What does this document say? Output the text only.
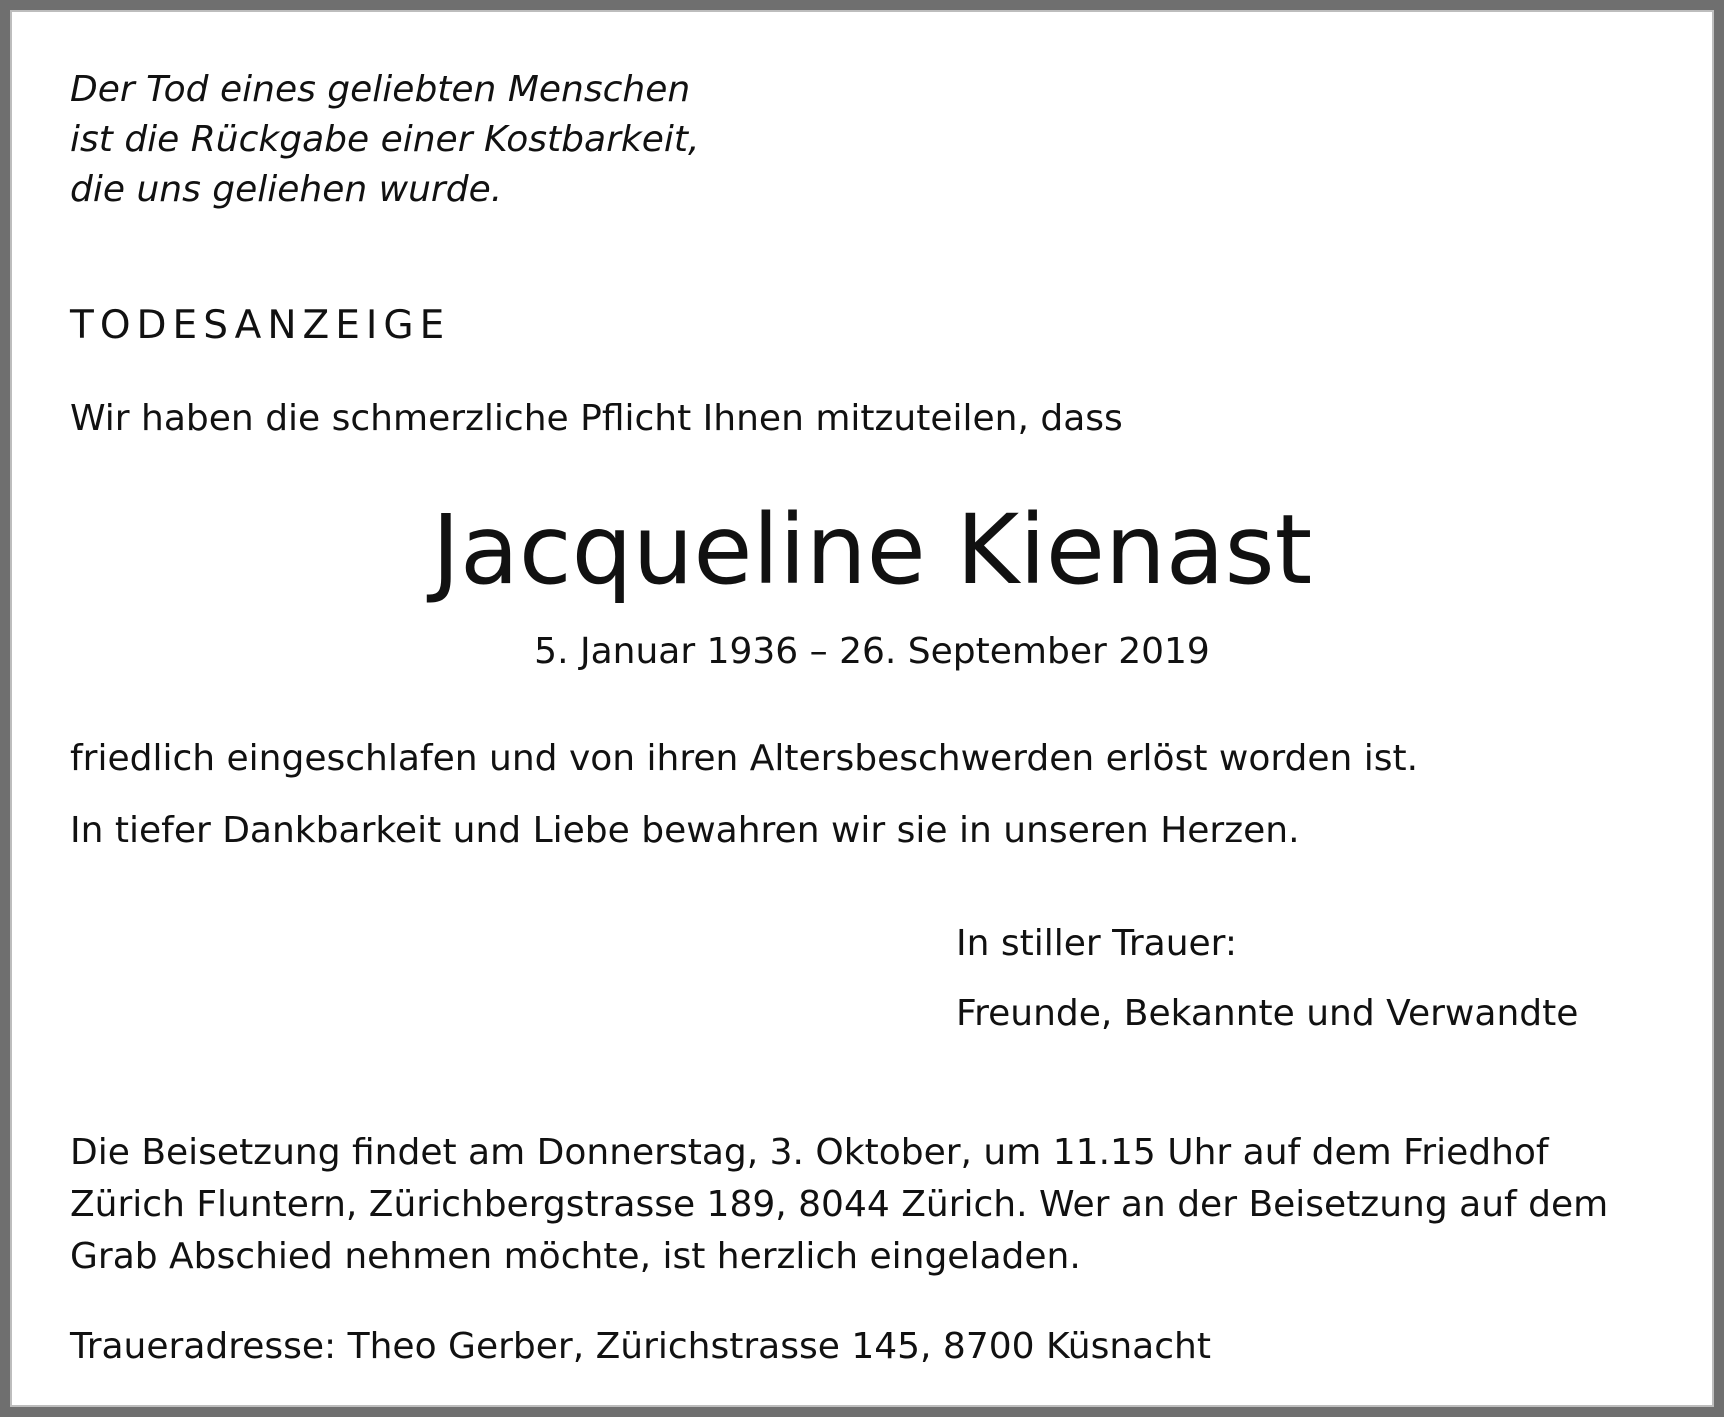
Der Tod eines geliebten Menschen
ist die Rückgabe einer Kostbarkeit,
die uns geliehen wurde.
TODESANZEIGE
Wir haben die schmerzliche Pflicht Ihnen mitzuteilen, dass
Jacqueline Kienast
5. Januar 1936 – 26. September 2019
friedlich eingeschlafen und von ihren Altersbeschwerden erlöst worden ist.
In tiefer Dankbarkeit und Liebe bewahren wir sie in unseren Herzen.
In stiller Trauer:
Freunde, Bekannte und Verwandte
Die Beisetzung findet am Donnerstag, 3. Oktober, um 11.15 Uhr auf dem Friedhof
Zürich Fluntern, Zürichbergstrasse 189, 8044 Zürich. Wer an der Beisetzung auf dem
Grab Abschied nehmen möchte, ist herzlich eingeladen.
Traueradresse: Theo Gerber, Zürichstrasse 145, 8700 Küsnacht
